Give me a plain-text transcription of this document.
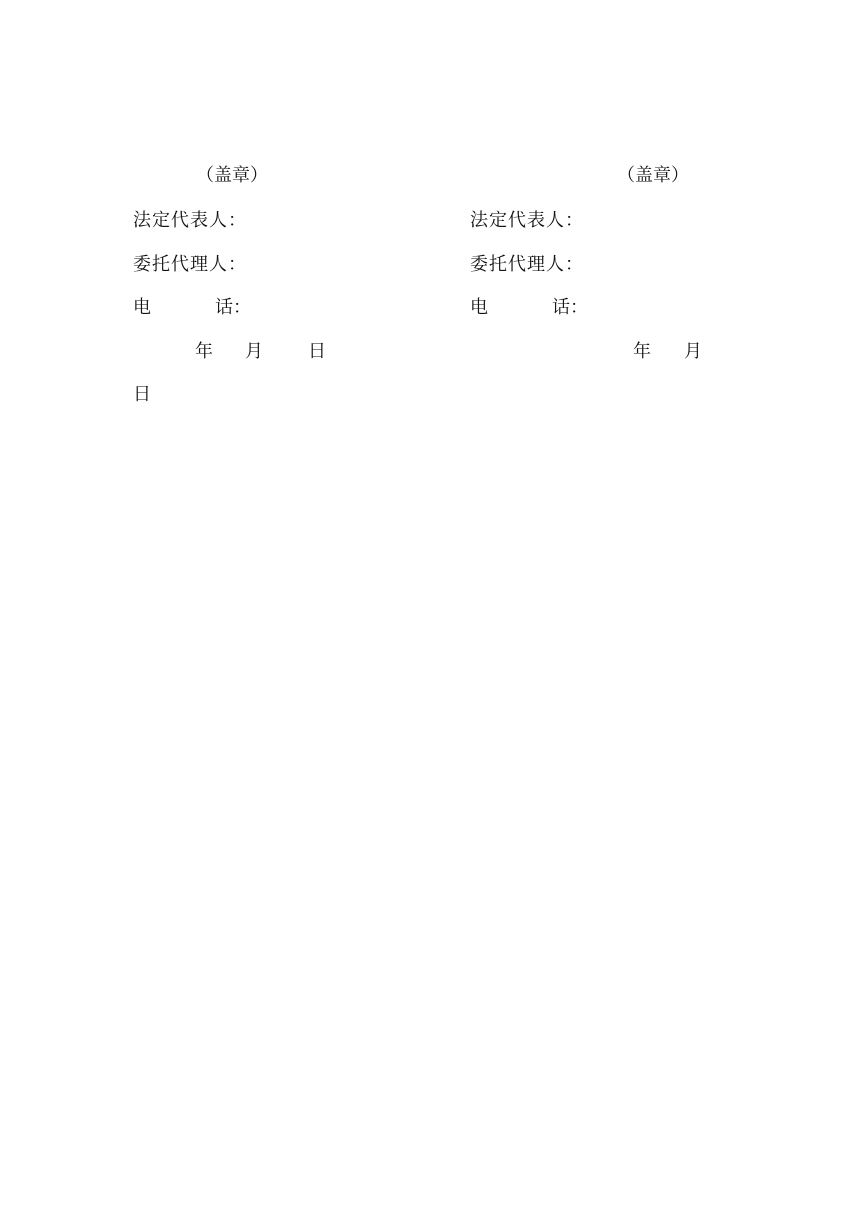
（盖章）
法定代表人：
委托代理人：
电	话：
年 月	日
（盖章）
法定代表人：
委托代理人：
电	话：
年 月
日
